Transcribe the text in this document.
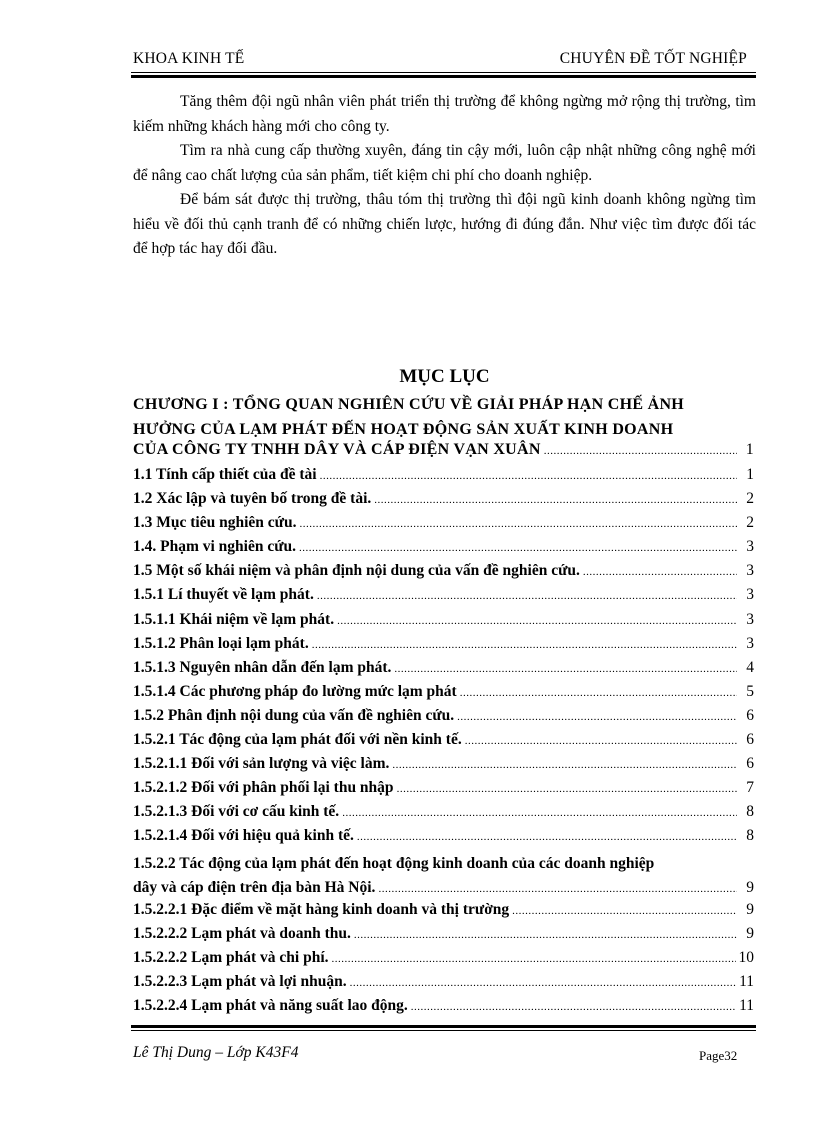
KHOA KINH TẾ	CHUYÊN ĐỀ TỐT NGHIỆP
Tăng thêm đội ngũ nhân viên phát triển thị trường để không ngừng mở rộng thị trường, tìm kiếm những khách hàng mới cho công ty.
Tìm ra nhà cung cấp thường xuyên, đáng tin cậy mới, luôn cập nhật những công nghệ mới để nâng cao chất lượng của sản phẩm, tiết kiệm chi phí cho doanh nghiệp.
Để bám sát được thị trường, thâu tóm thị trường thì đội ngũ kinh doanh không ngừng tìm hiểu về đối thủ cạnh tranh để có những chiến lược, hướng đi đúng đắn. Như việc tìm được đối tác để hợp tác hay đối đầu.
MỤC LỤC
CHƯƠNG I : TỔNG QUAN NGHIÊN CỨU VỀ GIẢI PHÁP HẠN CHẾ ẢNH
HƯỞNG CỦA LẠM PHÁT ĐẾN HOẠT ĐỘNG SẢN XUẤT KINH DOANH
CỦA CÔNG TY TNHH DÂY VÀ CÁP ĐIỆN VẠN XUÂN .....	1
1.1 Tính cấp thiết của đề tài .....	1
1.2 Xác lập và tuyên bố trong đề tài. .....	2
1.3 Mục tiêu nghiên cứu. .....	2
1.4. Phạm vi nghiên cứu. .....	3
1.5 Một số khái niệm và phân định nội dung của vấn đề nghiên cứu. .....	3
1.5.1 Lí thuyết về lạm phát. .....	3
1.5.1.1 Khái niệm về lạm phát. .....	3
1.5.1.2 Phân loại lạm phát. .....	3
1.5.1.3 Nguyên nhân dẫn đến lạm phát. .....	4
1.5.1.4 Các phương pháp đo lường mức lạm phát .....	5
1.5.2 Phân định nội dung của vấn đề nghiên cứu. .....	6
1.5.2.1 Tác động của lạm phát đối với nền kinh tế. .....	6
1.5.2.1.1 Đối với sản lượng và việc làm. .....	6
1.5.2.1.2 Đối với phân phối lại thu nhập .....	7
1.5.2.1.3 Đối với cơ cấu kinh tế. .....	8
1.5.2.1.4 Đối với hiệu quả kinh tế. .....	8
1.5.2.2 Tác động của lạm phát đến hoạt động kinh doanh của các doanh nghiệp
dây và cáp điện trên địa bàn Hà Nội. .....	9
1.5.2.2.1 Đặc điểm về mặt hàng kinh doanh và thị trường .....	9
1.5.2.2.2 Lạm phát và doanh thu. .....	9
1.5.2.2.2 Lạm phát và chi phí. .....	10
1.5.2.2.3 Lạm phát và lợi nhuận. .....	11
1.5.2.2.4 Lạm phát và năng suất lao động. .....	11
Lê Thị Dung – Lớp K43F4	Page32
